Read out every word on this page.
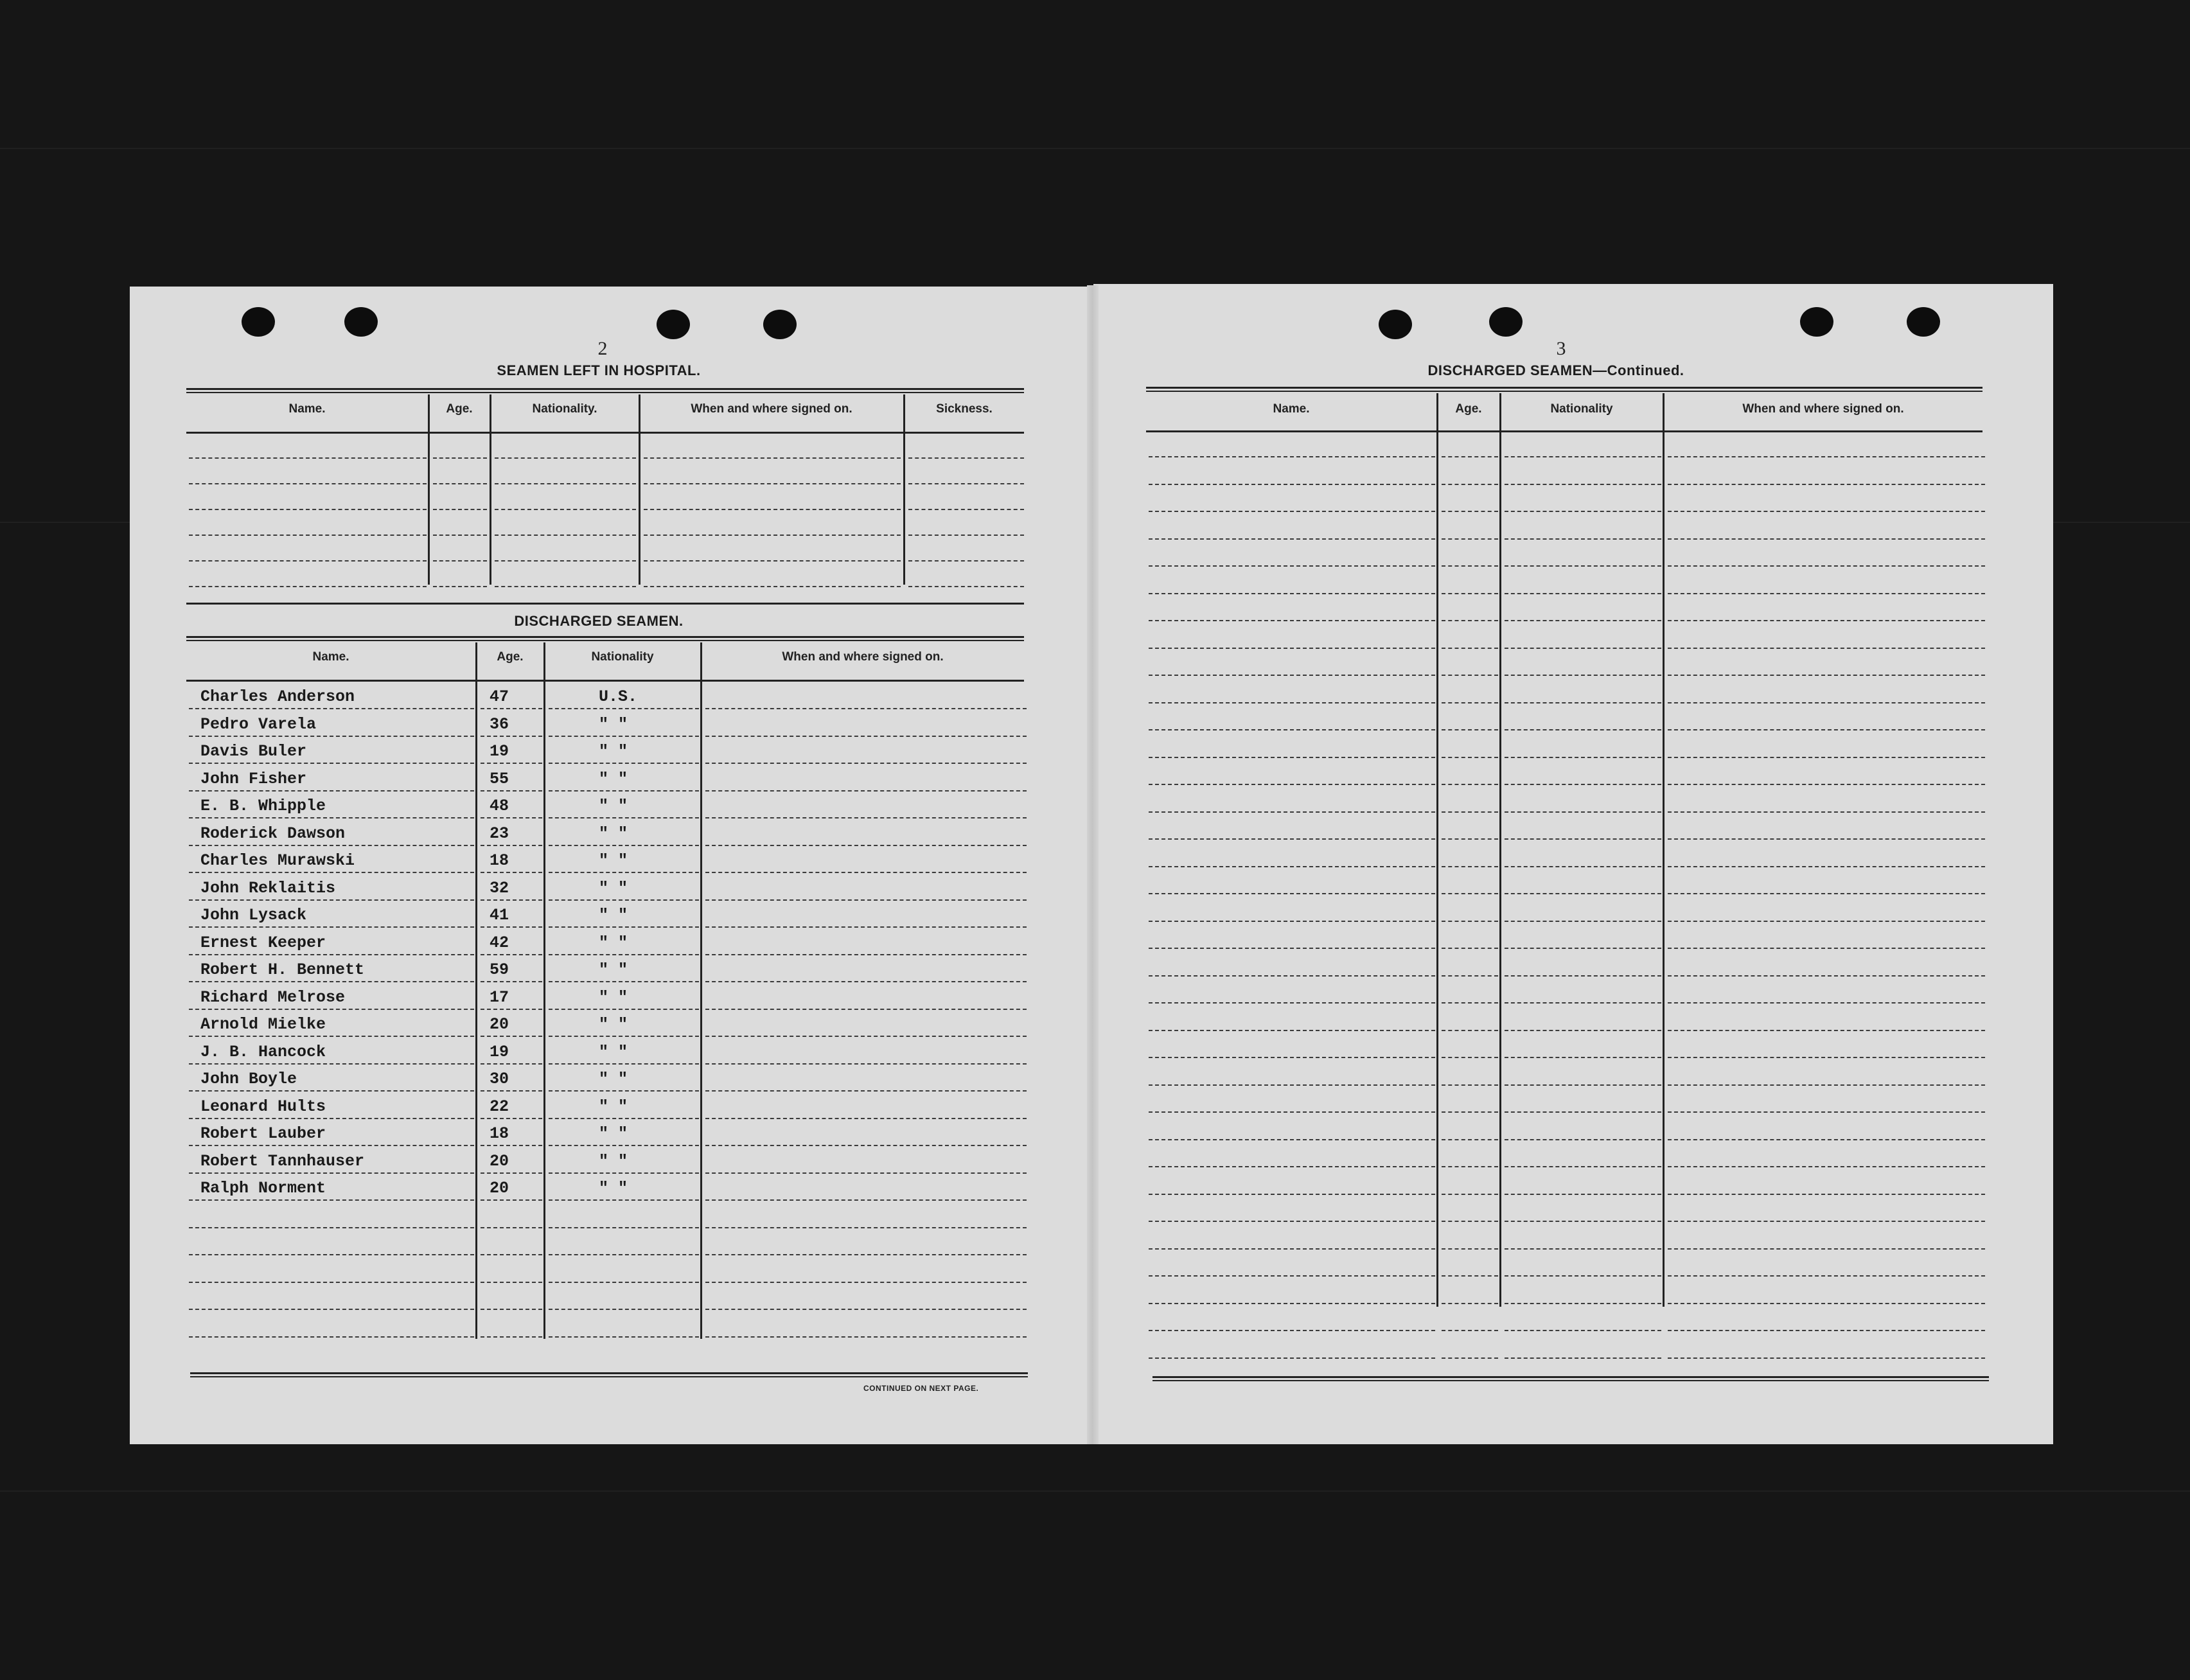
2
SEAMEN LEFT IN HOSPITAL.
Name.	Age.	Nationality.	When and where signed on.	Sickness.
DISCHARGED SEAMEN.
Name.	Age.	Nationality	When and where signed on.
Charles Anderson	47	U.S.
Pedro Varela	36	" "
Davis Buler	19	" "
John Fisher	55	" "
E. B. Whipple	48	" "
Roderick Dawson	23	" "
Charles Murawski	18	" "
John Reklaitis	32	" "
John Lysack	41	" "
Ernest Keeper	42	" "
Robert H. Bennett	59	" "
Richard Melrose	17	" "
Arnold Mielke	20	" "
J. B. Hancock	19	" "
John Boyle	30	" "
Leonard Hults	22	" "
Robert Lauber	18	" "
Robert Tannhauser	20	" "
Ralph Norment	20	" "
CONTINUED ON NEXT PAGE.
3
DISCHARGED SEAMEN—Continued.
Name.	Age.	Nationality	When and where signed on.
